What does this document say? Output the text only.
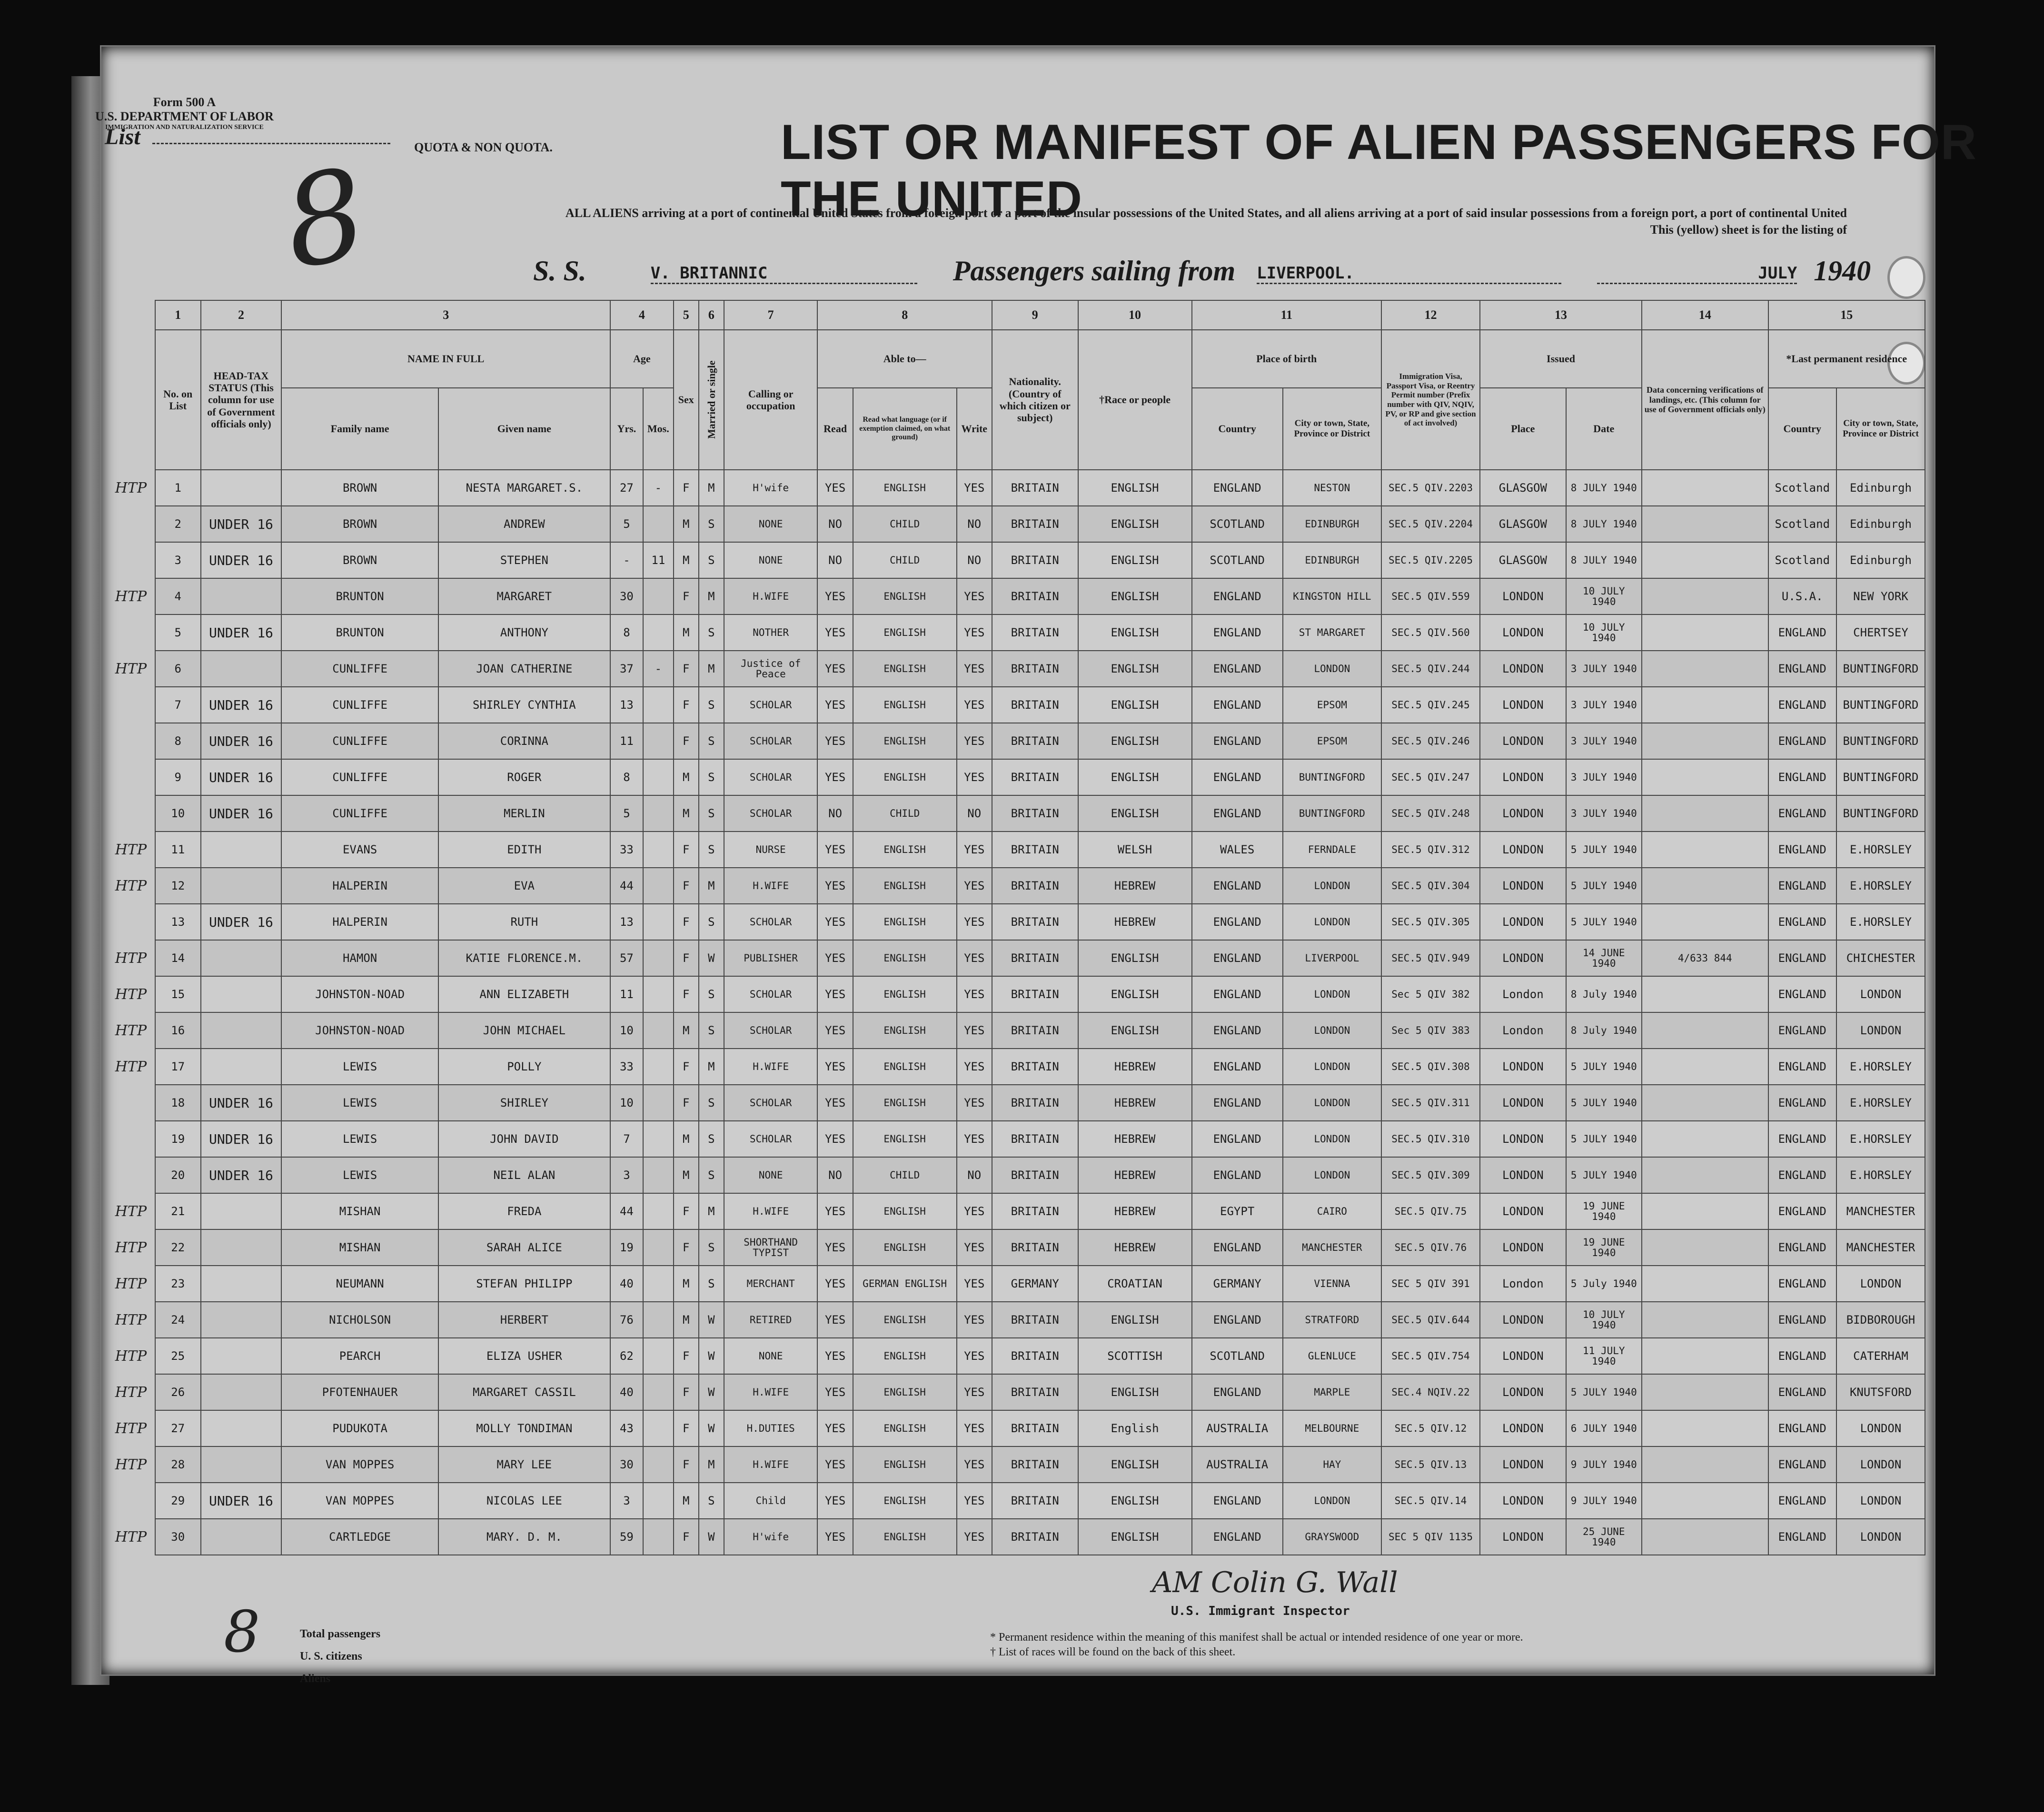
Form 500 A
U.S. DEPARTMENT OF LABOR
IMMIGRATION AND NATURALIZATION SERVICE
List
8	QUOTA & NON QUOTA.	LIST OR MANIFEST OF ALIEN PASSENGERS FOR THE UNITED
ALL ALIENS arriving at a port of continental United States from a foreign port or a port of the insular possessions of the United States, and all aliens arriving at a port of said insular possessions from a foreign port, a port of continental United
This (yellow) sheet is for the listing of
S. S.	V. BRITANNIC	Passengers sailing from LIVERPOOL.	JULY 1940
	1	2	3		4		5	6	7	8			9	10	11		12	13		14	15	
	No. on List	HEAD-TAX STATUS (This column for use of Government officials only)	NAME IN FULL		Age		Sex	Married or single	Calling or occupation	Able to—			Nationality. (Country of which citizen or subject)	†Race or people	Place of birth		Immigration Visa, Passport Visa, or Reentry Permit number (Prefix number with QIV, NQIV, PV, or RP and give section of act involved)	Issued		Data concerning verifications of landings, etc. (This column for use of Government officials only)	*Last permanent residence	
			Family name	Given name	Yrs.	Mos.				Read	Read what language (or if exemption claimed, on what ground)	Write			Country	City or town, State, Province or District		Place	Date		Country	City or town, State, Province or District
HTP	1		BROWN	NESTA MARGARET.S.	27	-	F	M	H'wife	YES	ENGLISH	YES	BRITAIN	ENGLISH	ENGLAND	NESTON	SEC.5 QIV.2203	GLASGOW	8 JULY 1940		Scotland	Edinburgh
	2	UNDER 16	BROWN	ANDREW	5		M	S	NONE	NO	CHILD	NO	BRITAIN	ENGLISH	SCOTLAND	EDINBURGH	SEC.5 QIV.2204	GLASGOW	8 JULY 1940		Scotland	Edinburgh
	3	UNDER 16	BROWN	STEPHEN	-	11	M	S	NONE	NO	CHILD	NO	BRITAIN	ENGLISH	SCOTLAND	EDINBURGH	SEC.5 QIV.2205	GLASGOW	8 JULY 1940		Scotland	Edinburgh
HTP	4		BRUNTON	MARGARET	30		F	M	H.WIFE	YES	ENGLISH	YES	BRITAIN	ENGLISH	ENGLAND	KINGSTON HILL	SEC.5 QIV.559	LONDON	10 JULY 1940		U.S.A.	NEW YORK
	5	UNDER 16	BRUNTON	ANTHONY	8		M	S	NOTHER	YES	ENGLISH	YES	BRITAIN	ENGLISH	ENGLAND	ST MARGARET	SEC.5 QIV.560	LONDON	10 JULY 1940		ENGLAND	CHERTSEY
HTP	6		CUNLIFFE	JOAN CATHERINE	37	-	F	M	Justice of Peace	YES	ENGLISH	YES	BRITAIN	ENGLISH	ENGLAND	LONDON	SEC.5 QIV.244	LONDON	3 JULY 1940		ENGLAND	BUNTINGFORD
	7	UNDER 16	CUNLIFFE	SHIRLEY CYNTHIA	13		F	S	SCHOLAR	YES	ENGLISH	YES	BRITAIN	ENGLISH	ENGLAND	EPSOM	SEC.5 QIV.245	LONDON	3 JULY 1940		ENGLAND	BUNTINGFORD
	8	UNDER 16	CUNLIFFE	CORINNA	11		F	S	SCHOLAR	YES	ENGLISH	YES	BRITAIN	ENGLISH	ENGLAND	EPSOM	SEC.5 QIV.246	LONDON	3 JULY 1940		ENGLAND	BUNTINGFORD
	9	UNDER 16	CUNLIFFE	ROGER	8		M	S	SCHOLAR	YES	ENGLISH	YES	BRITAIN	ENGLISH	ENGLAND	BUNTINGFORD	SEC.5 QIV.247	LONDON	3 JULY 1940		ENGLAND	BUNTINGFORD
	10	UNDER 16	CUNLIFFE	MERLIN	5		M	S	SCHOLAR	NO	CHILD	NO	BRITAIN	ENGLISH	ENGLAND	BUNTINGFORD	SEC.5 QIV.248	LONDON	3 JULY 1940		ENGLAND	BUNTINGFORD
HTP	11		EVANS	EDITH	33		F	S	NURSE	YES	ENGLISH	YES	BRITAIN	WELSH	WALES	FERNDALE	SEC.5 QIV.312	LONDON	5 JULY 1940		ENGLAND	E.HORSLEY
HTP	12		HALPERIN	EVA	44		F	M	H.WIFE	YES	ENGLISH	YES	BRITAIN	HEBREW	ENGLAND	LONDON	SEC.5 QIV.304	LONDON	5 JULY 1940		ENGLAND	E.HORSLEY
	13	UNDER 16	HALPERIN	RUTH	13		F	S	SCHOLAR	YES	ENGLISH	YES	BRITAIN	HEBREW	ENGLAND	LONDON	SEC.5 QIV.305	LONDON	5 JULY 1940		ENGLAND	E.HORSLEY
HTP	14		HAMON	KATIE FLORENCE.M.	57		F	W	PUBLISHER	YES	ENGLISH	YES	BRITAIN	ENGLISH	ENGLAND	LIVERPOOL	SEC.5 QIV.949	LONDON	14 JUNE 1940	4/633 844	ENGLAND	CHICHESTER
HTP	15		JOHNSTON-NOAD	ANN ELIZABETH	11		F	S	SCHOLAR	YES	ENGLISH	YES	BRITAIN	ENGLISH	ENGLAND	LONDON	Sec 5 QIV 382	London	8 July 1940		ENGLAND	LONDON
HTP	16		JOHNSTON-NOAD	JOHN MICHAEL	10		M	S	SCHOLAR	YES	ENGLISH	YES	BRITAIN	ENGLISH	ENGLAND	LONDON	Sec 5 QIV 383	London	8 July 1940		ENGLAND	LONDON
HTP	17		LEWIS	POLLY	33		F	M	H.WIFE	YES	ENGLISH	YES	BRITAIN	HEBREW	ENGLAND	LONDON	SEC.5 QIV.308	LONDON	5 JULY 1940		ENGLAND	E.HORSLEY
	18	UNDER 16	LEWIS	SHIRLEY	10		F	S	SCHOLAR	YES	ENGLISH	YES	BRITAIN	HEBREW	ENGLAND	LONDON	SEC.5 QIV.311	LONDON	5 JULY 1940		ENGLAND	E.HORSLEY
	19	UNDER 16	LEWIS	JOHN DAVID	7		M	S	SCHOLAR	YES	ENGLISH	YES	BRITAIN	HEBREW	ENGLAND	LONDON	SEC.5 QIV.310	LONDON	5 JULY 1940		ENGLAND	E.HORSLEY
	20	UNDER 16	LEWIS	NEIL ALAN	3		M	S	NONE	NO	CHILD	NO	BRITAIN	HEBREW	ENGLAND	LONDON	SEC.5 QIV.309	LONDON	5 JULY 1940		ENGLAND	E.HORSLEY
HTP	21		MISHAN	FREDA	44		F	M	H.WIFE	YES	ENGLISH	YES	BRITAIN	HEBREW	EGYPT	CAIRO	SEC.5 QIV.75	LONDON	19 JUNE 1940		ENGLAND	MANCHESTER
HTP	22		MISHAN	SARAH ALICE	19		F	S	SHORTHAND TYPIST	YES	ENGLISH	YES	BRITAIN	HEBREW	ENGLAND	MANCHESTER	SEC.5 QIV.76	LONDON	19 JUNE 1940		ENGLAND	MANCHESTER
HTP	23		NEUMANN	STEFAN PHILIPP	40		M	S	MERCHANT	YES	GERMAN ENGLISH	YES	GERMANY	CROATIAN	GERMANY	VIENNA	SEC 5 QIV 391	London	5 July 1940		ENGLAND	LONDON
HTP	24		NICHOLSON	HERBERT	76		M	W	RETIRED	YES	ENGLISH	YES	BRITAIN	ENGLISH	ENGLAND	STRATFORD	SEC.5 QIV.644	LONDON	10 JULY 1940		ENGLAND	BIDBOROUGH
HTP	25		PEARCH	ELIZA USHER	62		F	W	NONE	YES	ENGLISH	YES	BRITAIN	SCOTTISH	SCOTLAND	GLENLUCE	SEC.5 QIV.754	LONDON	11 JULY 1940		ENGLAND	CATERHAM
HTP	26		PFOTENHAUER	MARGARET CASSIL	40		F	W	H.WIFE	YES	ENGLISH	YES	BRITAIN	ENGLISH	ENGLAND	MARPLE	SEC.4 NQIV.22	LONDON	5 JULY 1940		ENGLAND	KNUTSFORD
HTP	27		PUDUKOTA	MOLLY TONDIMAN	43		F	W	H.DUTIES	YES	ENGLISH	YES	BRITAIN	English	AUSTRALIA	MELBOURNE	SEC.5 QIV.12	LONDON	6 JULY 1940		ENGLAND	LONDON
HTP	28		VAN MOPPES	MARY LEE	30		F	M	H.WIFE	YES	ENGLISH	YES	BRITAIN	ENGLISH	AUSTRALIA	HAY	SEC.5 QIV.13	LONDON	9 JULY 1940		ENGLAND	LONDON
	29	UNDER 16	VAN MOPPES	NICOLAS LEE	3		M	S	Child	YES	ENGLISH	YES	BRITAIN	ENGLISH	ENGLAND	LONDON	SEC.5 QIV.14	LONDON	9 JULY 1940		ENGLAND	LONDON
HTP	30		CARTLEDGE	MARY. D. M.	59		F	W	H'wife	YES	ENGLISH	YES	BRITAIN	ENGLISH	ENGLAND	GRAYSWOOD	SEC 5 QIV 1135	LONDON	25 JUNE 1940		ENGLAND	LONDON
8	Total passengers
U. S. citizens
Aliens
AM Colin G. Wall
U.S. Immigrant Inspector
* Permanent residence within the meaning of this manifest shall be actual or intended residence of one year or more.
† List of races will be found on the back of this sheet.
